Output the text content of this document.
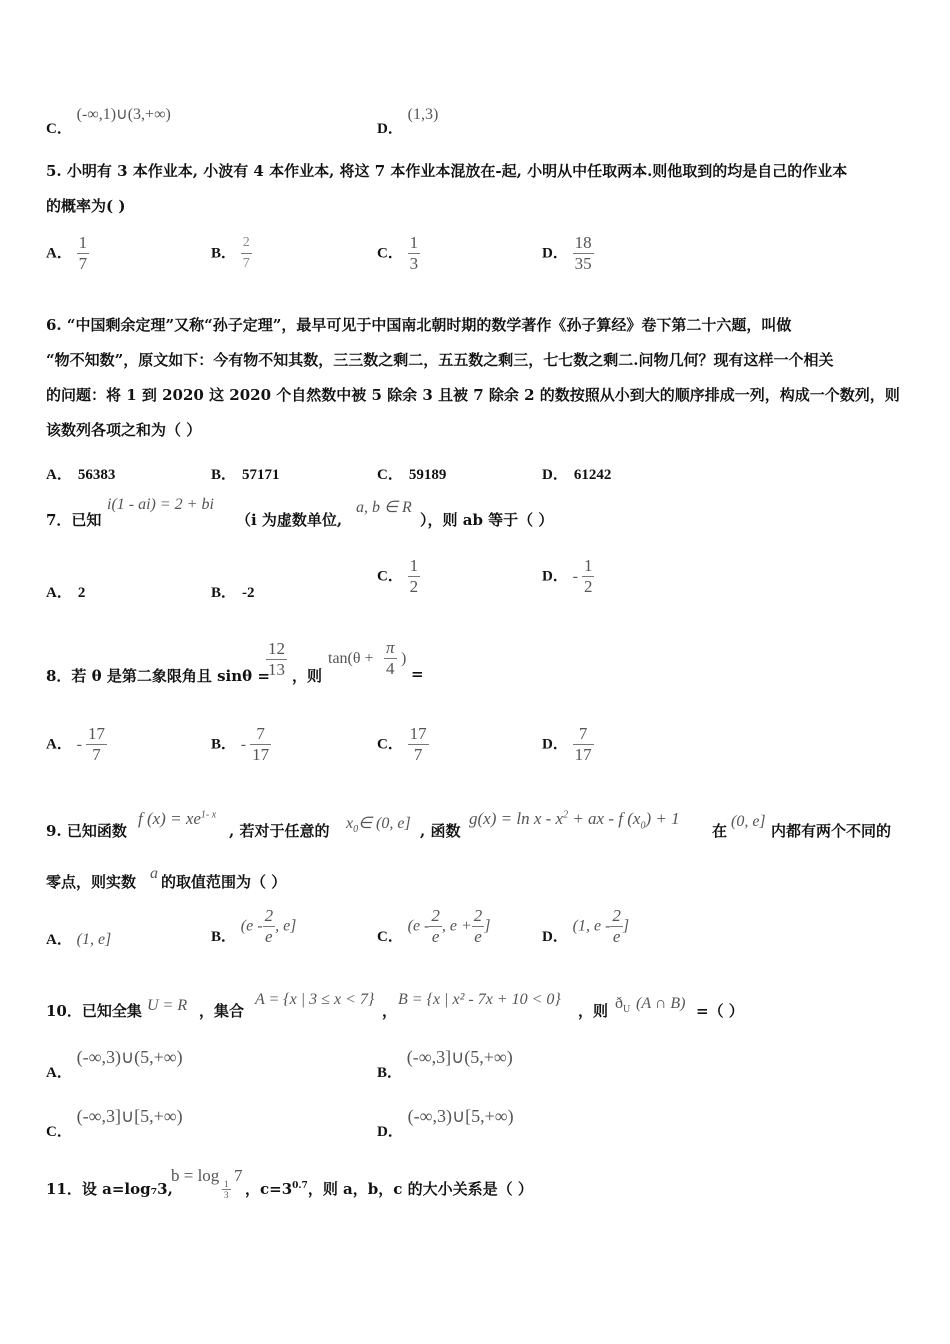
C． (-∞,1)∪(3,+∞)
D． (1,3)
5. 小明有 3 本作业本, 小波有 4 本作业本, 将这 7 本作业本混放在-起, 小明从中任取两本.则他取到的均是自己的作业本
的概率为( )
A． $\frac{1}{7}$	B． $\frac{2}{7}$	C． $\frac{1}{3}$	D． $\frac{18}{35}$
6. “中国剩余定理”又称“孙子定理”，最早可见于中国南北朝时期的数学著作《孙子算经》卷下第二十六题，叫做
“物不知数”，原文如下：今有物不知其数，三三数之剩二，五五数之剩三，七七数之剩二.问物几何？现有这样一个相关
的问题：将 1 到 2020 这 2020 个自然数中被 5 除余 3 且被 7 除余 2 的数按照从小到大的顺序排成一列，构成一个数列，则
该数列各项之和为（ ）
A． 56383	B． 57171	C． 59189	D． 61242
7．已知
i(1 - ai) = 2 + bi
（i 为虚数单位,
a, b ∈ R
），则 ab 等于（ ）
A． 2	B． -2
C． $\frac{1}{2}$	D． - $\frac{1}{2}$
8．若 θ 是第二象限角且 sinθ =
$\frac{12}{13}$ ，则
$\tan(\theta + \frac{\pi}{4}$ )
=
A． - $\frac{17}{7}$	B． - $\frac{7}{17}$	C． $\frac{17}{7}$	D． $\frac{7}{17}$
9. 已知函数
f $(x) = xe^{1- x}$
, 若对于任意的 $x_0\in$ (0, e] , 函数
$g(x) = \ln x - x^2$ + ax - f $(x_0) + 1$
在
(0, e]
内都有两个不同的
零点，则实数 a 的取值范围为（ ）
A． (1, e]	B． ($e - \frac{2}{e}$ , e]
C． ($e - \frac{2}{e}$ , $e + \frac{2}{e}$ ]
D． (1, e - $\frac{2}{e}$ ]
10．已知全集 U = R ，集合
A = {x | 3 ≤ x < 7}
，
B = {x | x² - 7x + 10 < 0}
，则 $ð_U$ (A ∩ B) =（ ）
A． (-∞,3)∪(5,+∞)
B． (-∞,3]∪(5,+∞)
C． (-∞,3]∪[5,+∞)
D． (-∞,3)∪[5,+∞)
11．设 a=log₇3,
b = log
$\frac{1}{3}$
7
，$c=3^{0.7}$，则 a，b，c 的大小关系是（ ）
